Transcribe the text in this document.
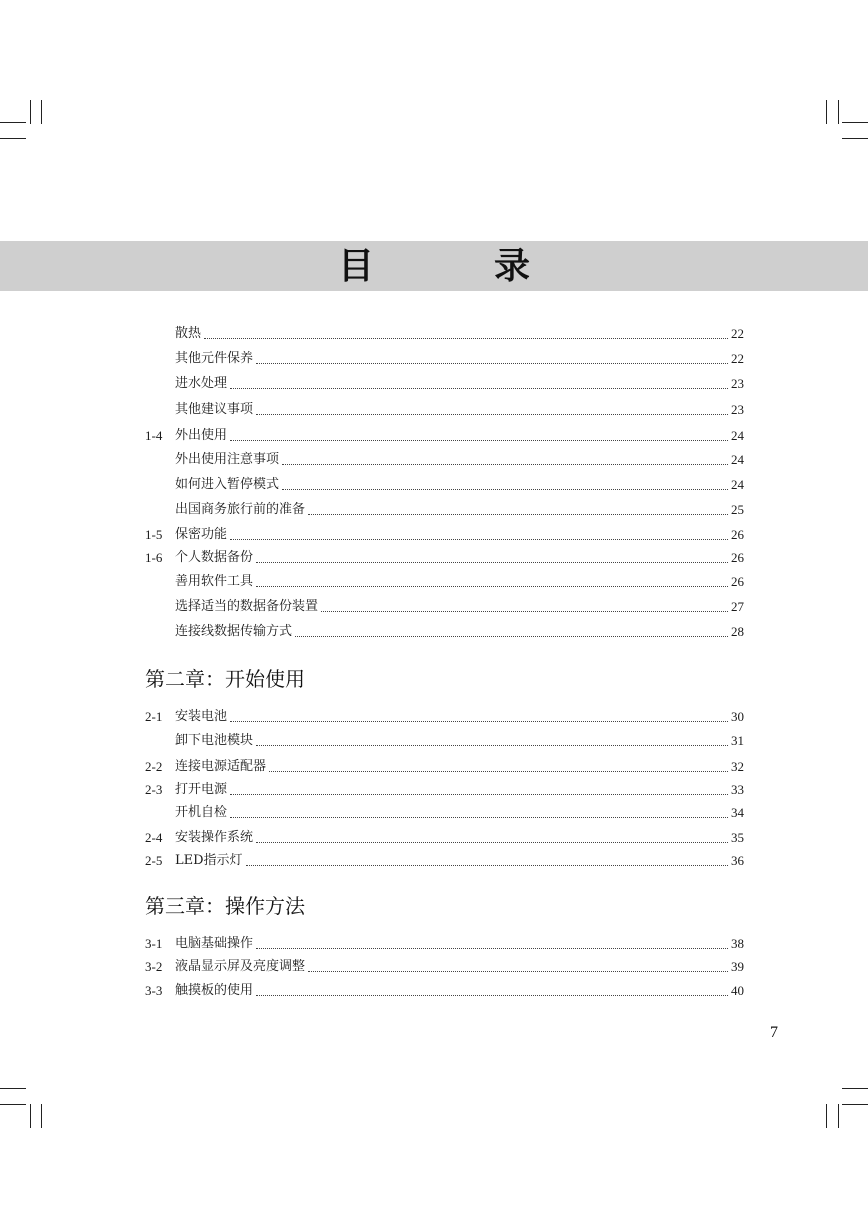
目　录
散热	22
其他元件保养	22
进水处理	23
其他建议事项	23
1-4 外出使用	24
外出使用注意事项	24
如何进入暂停模式	24
出国商务旅行前的准备	25
1-5 保密功能	26
1-6 个人数据备份	26
善用软件工具	26
选择适当的数据备份装置	27
连接线数据传输方式	28
第二章：开始使用
2-1 安装电池	30
卸下电池模块	31
2-2 连接电源适配器	32
2-3 打开电源	33
开机自检	34
2-4 安装操作系统	35
2-5 LED指示灯	36
第三章：操作方法
3-1 电脑基础操作	38
3-2 液晶显示屏及亮度调整	39
3-3 触摸板的使用	40
7
